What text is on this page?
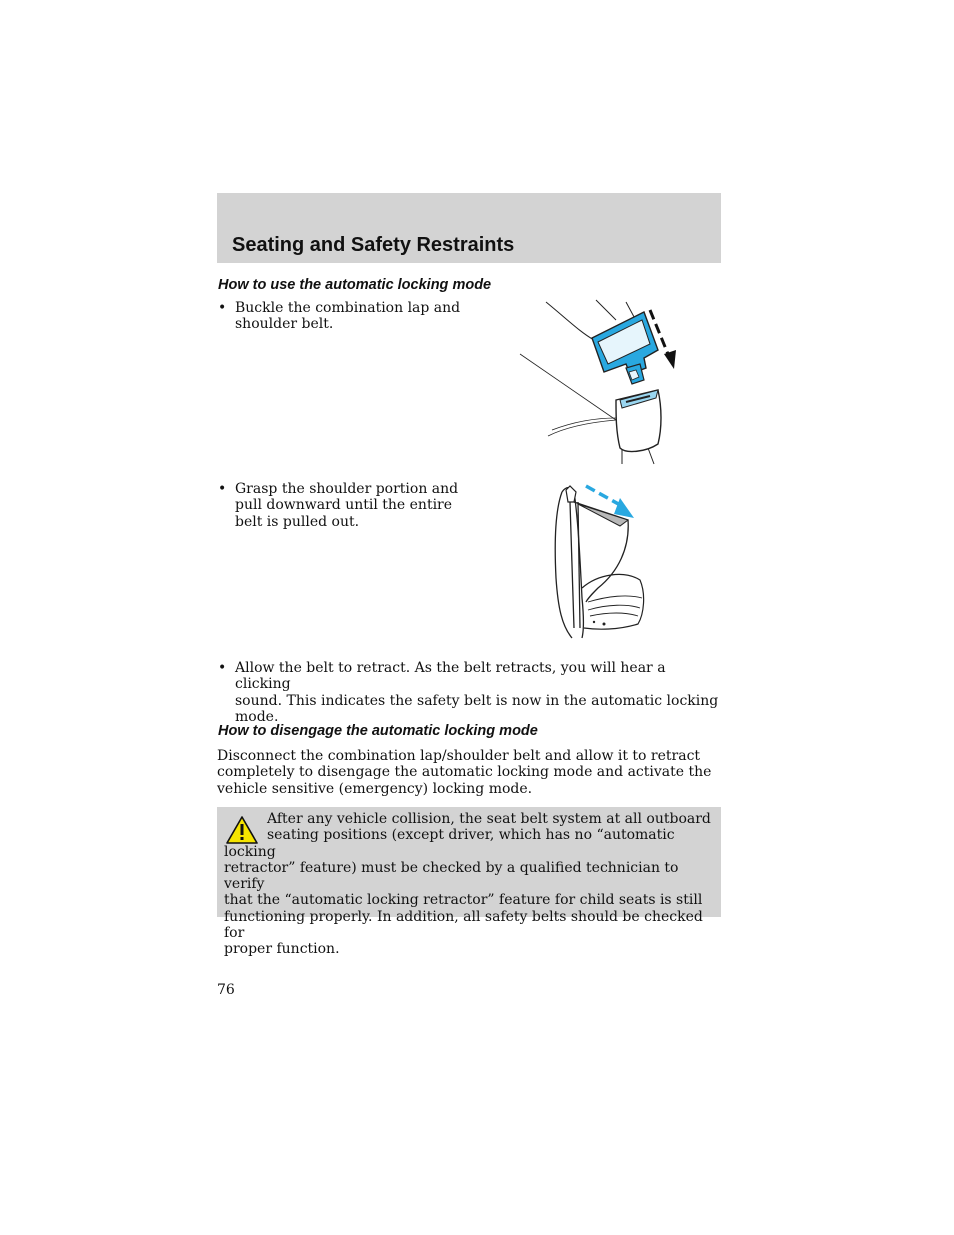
Seating and Safety Restraints
How to use the automatic locking mode
• Buckle the combination lap and
shoulder belt.
• Grasp the shoulder portion and
pull downward until the entire
belt is pulled out.
• Allow the belt to retract. As the belt retracts, you will hear a clicking
sound. This indicates the safety belt is now in the automatic locking
mode.
How to disengage the automatic locking mode
Disconnect the combination lap/shoulder belt and allow it to retract
completely to disengage the automatic locking mode and activate the
vehicle sensitive (emergency) locking mode.
After any vehicle collision, the seat belt system at all outboard
seating positions (except driver, which has no “automatic locking
retractor” feature) must be checked by a qualified technician to verify
that the “automatic locking retractor” feature for child seats is still
functioning properly. In addition, all safety belts should be checked for
proper function.
76
